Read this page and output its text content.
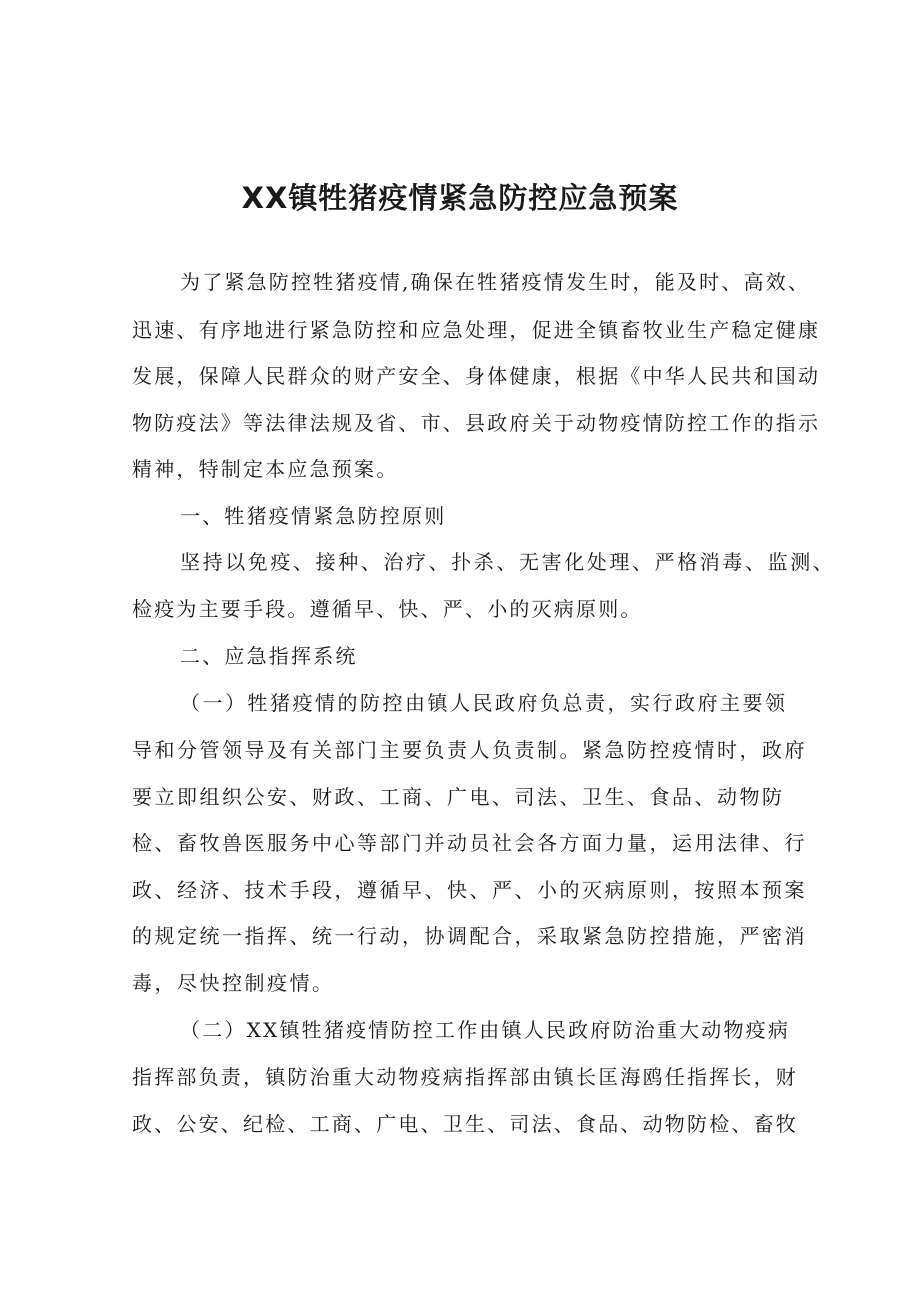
XX镇牲猪疫情紧急防控应急预案
为了紧急防控牲猪疫情,确保在牲猪疫情发生时，能及时、高效、
迅速、有序地进行紧急防控和应急处理，促进全镇畜牧业生产稳定健康
发展，保障人民群众的财产安全、身体健康，根据《中华人民共和国动
物防疫法》等法律法规及省、市、县政府关于动物疫情防控工作的指示
精神，特制定本应急预案。
一、牲猪疫情紧急防控原则
坚持以免疫、接种、治疗、扑杀、无害化处理、严格消毒、监测、
检疫为主要手段。遵循早、快、严、小的灭病原则。
二、应急指挥系统
（一）牲猪疫情的防控由镇人民政府负总责，实行政府主要领
导和分管领导及有关部门主要负责人负责制。紧急防控疫情时，政府
要立即组织公安、财政、工商、广电、司法、卫生、食品、动物防
检、畜牧兽医服务中心等部门并动员社会各方面力量，运用法律、行
政、经济、技术手段，遵循早、快、严、小的灭病原则，按照本预案
的规定统一指挥、统一行动，协调配合，采取紧急防控措施，严密消
毒，尽快控制疫情。
（二）XX镇牲猪疫情防控工作由镇人民政府防治重大动物疫病
指挥部负责，镇防治重大动物疫病指挥部由镇长匡海鸥任指挥长，财
政、公安、纪检、工商、广电、卫生、司法、食品、动物防检、畜牧
